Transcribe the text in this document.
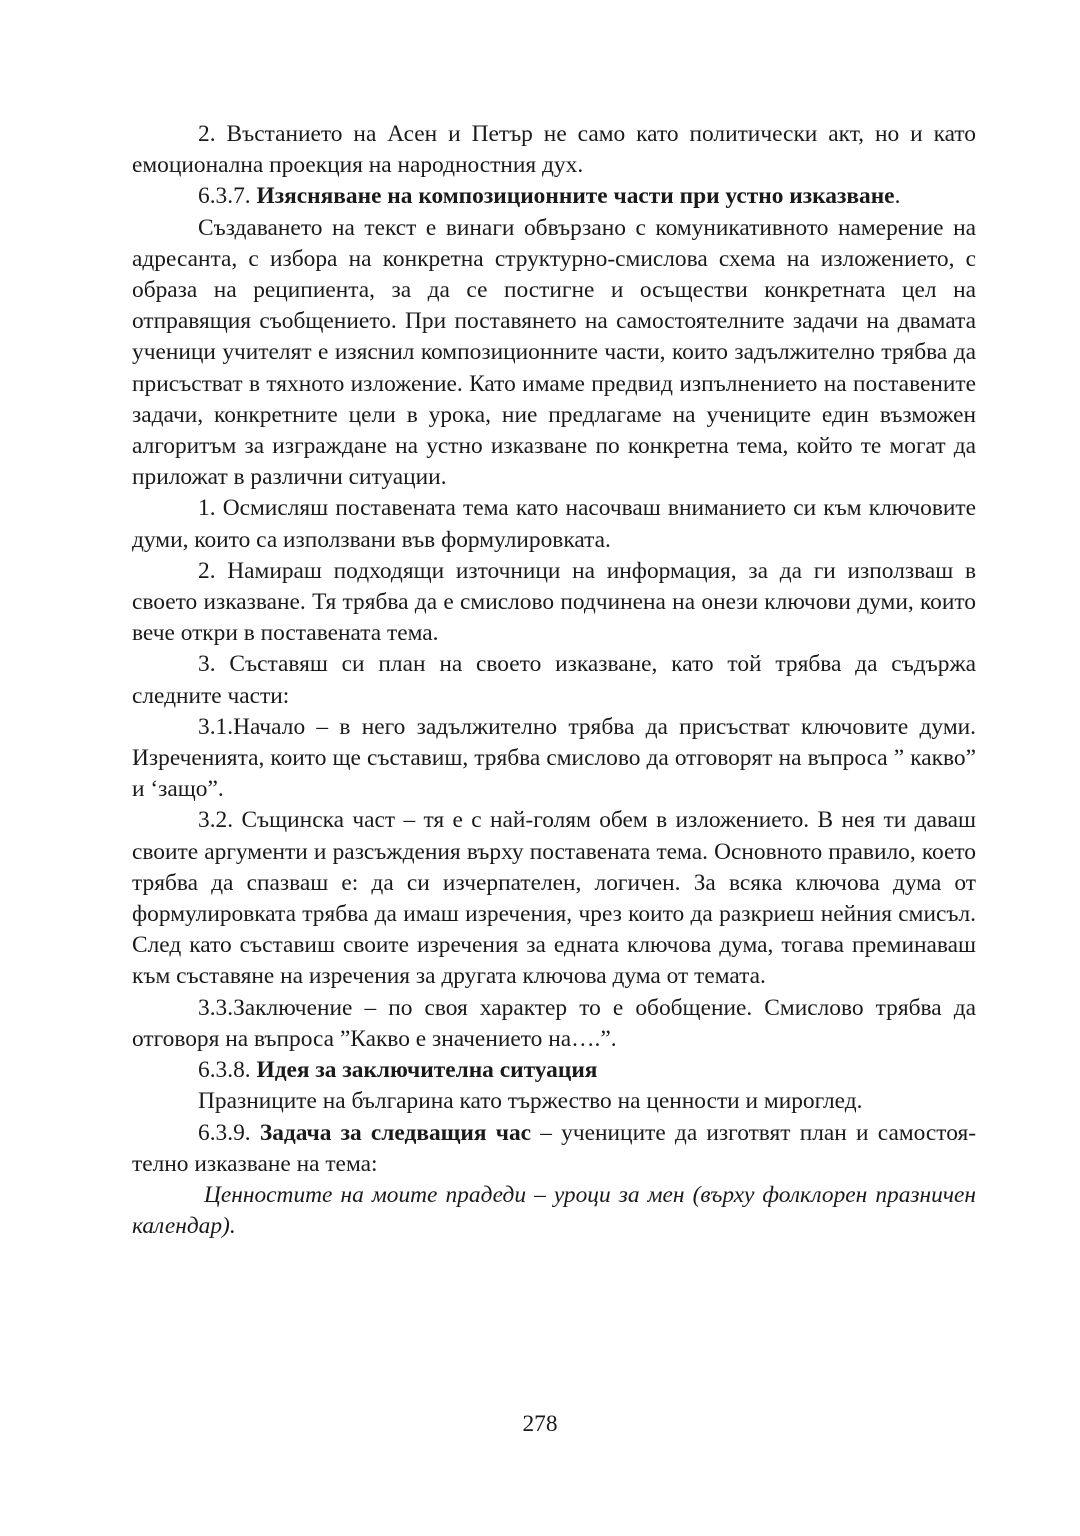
2. Въстанието на Асен и Петър не само като политически акт, но и като емоционална проекция на народностния дух.

6.3.7. Изясняване на композиционните части при устно изказване.

Създаването на текст е винаги обвързано с комуникативното намерение на адресанта, с избора на конкретна структурно-смислова схема на изложението, с образа на реципиента, за да се постигне и осъществи конкретната цел на отправящия съобщението. При поставянето на самостоятелните задачи на двамата ученици учителят е изяснил композиционните части, които задължително трябва да присъстват в тяхното изложение. Като имаме предвид изпълнението на поставените задачи, конкретните цели в урока, ние предлагаме на учениците един възможен алгоритъм за изграждане на устно изказване по конкретна тема, който те могат да приложат в различни ситуации.

1. Осмисляш поставената тема като насочваш вниманието си към ключовите думи, които са използвани във формулировката.

2. Намираш подходящи източници на информация, за да ги използваш в своето изказване. Тя трябва да е смислово подчинена на онези ключови думи, които вече откри в поставената тема.

3. Съставяш си план на своето изказване, като той трябва да съдържа следните части:

3.1.Начало – в него задължително трябва да присъстват ключовите думи. Изреченията, които ще съставиш, трябва смислово да отговорят на въпроса ” какво” и ‘защо”.

3.2. Същинска част – тя е с най-голям обем в изложението. В нея ти даваш своите аргументи и разсъждения върху поставената тема. Основното правило, което трябва да спазваш е: да си изчерпателен, логичен. За всяка ключова дума от формулировката трябва да имаш изречения, чрез които да разкриеш нейния смисъл. След като съставиш своите изречения за едната ключова дума, тогава преминаваш към съставяне на изречения за другата ключова дума от темата.

3.3.Заключение – по своя характер то е обобщение. Смислово трябва да отговоря на въпроса ”Какво е значението на….”.

6.3.8. Идея за заключителна ситуация

Празниците на българина като тържество на ценности и мироглед.

6.3.9. Задача за следващия час – учениците да изготвят план и самостоятелно изказване на тема:

Ценностите на моите прадеди – уроци за мен (върху фолклорен празничен календар).

278
